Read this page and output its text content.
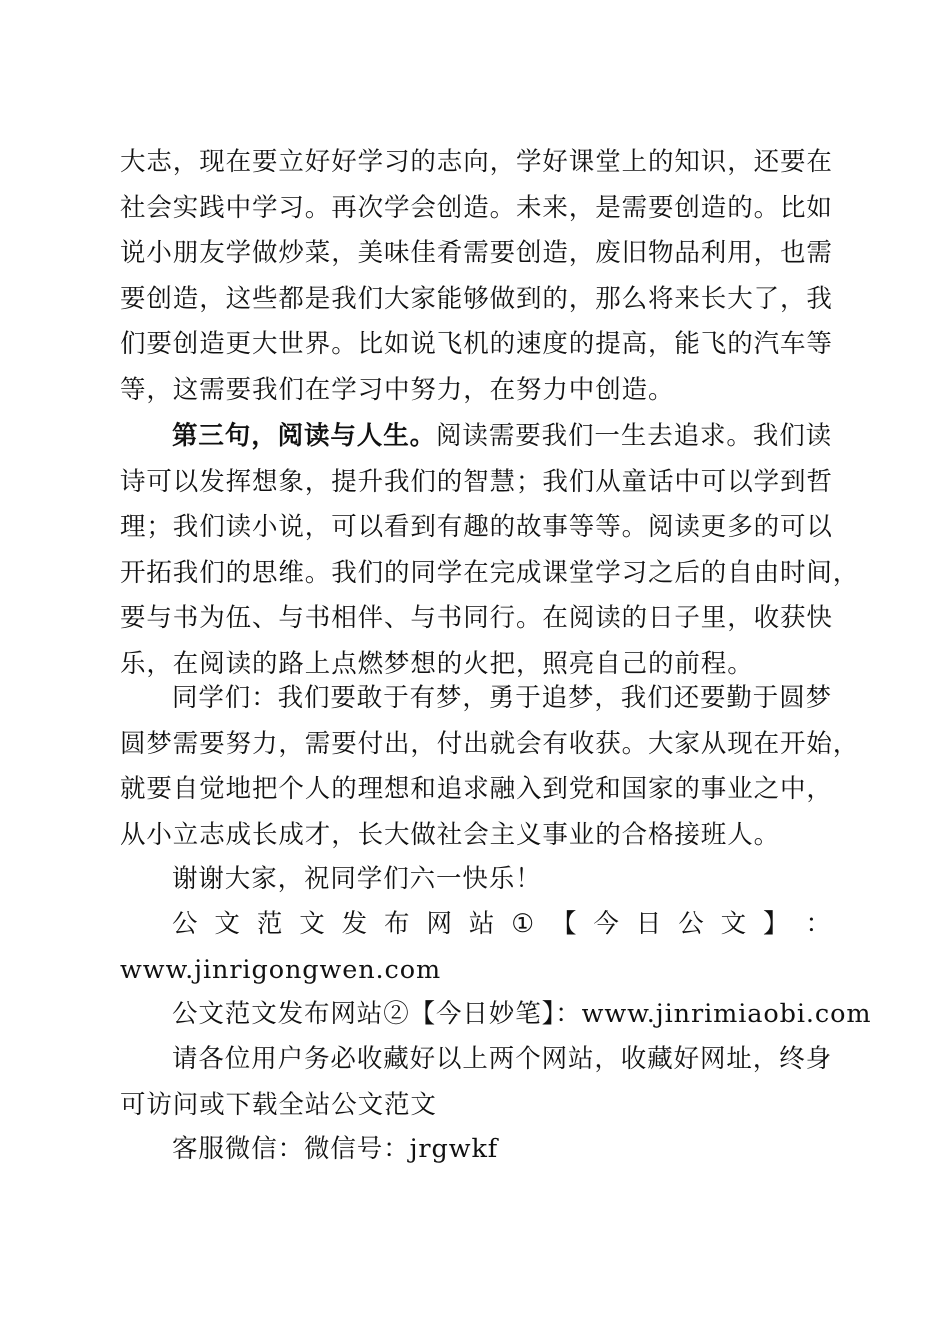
大志，现在要立好好学习的志向，学好课堂上的知识，还要在
社会实践中学习。再次学会创造。未来，是需要创造的。比如
说小朋友学做炒菜，美味佳肴需要创造，废旧物品利用，也需
要创造，这些都是我们大家能够做到的，那么将来长大了，我
们要创造更大世界。比如说飞机的速度的提高，能飞的汽车等
等，这需要我们在学习中努力，在努力中创造。
第三句，阅读与人生。阅读需要我们一生去追求。我们读
诗可以发挥想象，提升我们的智慧；我们从童话中可以学到哲
理；我们读小说，可以看到有趣的故事等等。阅读更多的可以
开拓我们的思维。我们的同学在完成课堂学习之后的自由时间，
要与书为伍、与书相伴、与书同行。在阅读的日子里，收获快
乐，在阅读的路上点燃梦想的火把，照亮自己的前程。
同学们：我们要敢于有梦，勇于追梦，我们还要勤于圆梦
圆梦需要努力，需要付出，付出就会有收获。大家从现在开始，
就要自觉地把个人的理想和追求融入到党和国家的事业之中，
从小立志成长成才，长大做社会主义事业的合格接班人。
谢谢大家，祝同学们六一快乐！
公 文 范 文 发 布 网 站 ① 【 今 日 公 文 】 ：
www.jinrigongwen.com
公文范文发布网站②【今日妙笔】：www.jinrimiaobi.com
请各位用户务必收藏好以上两个网站，收藏好网址，终身
可访问或下载全站公文范文
客服微信：微信号：jrgwkf
